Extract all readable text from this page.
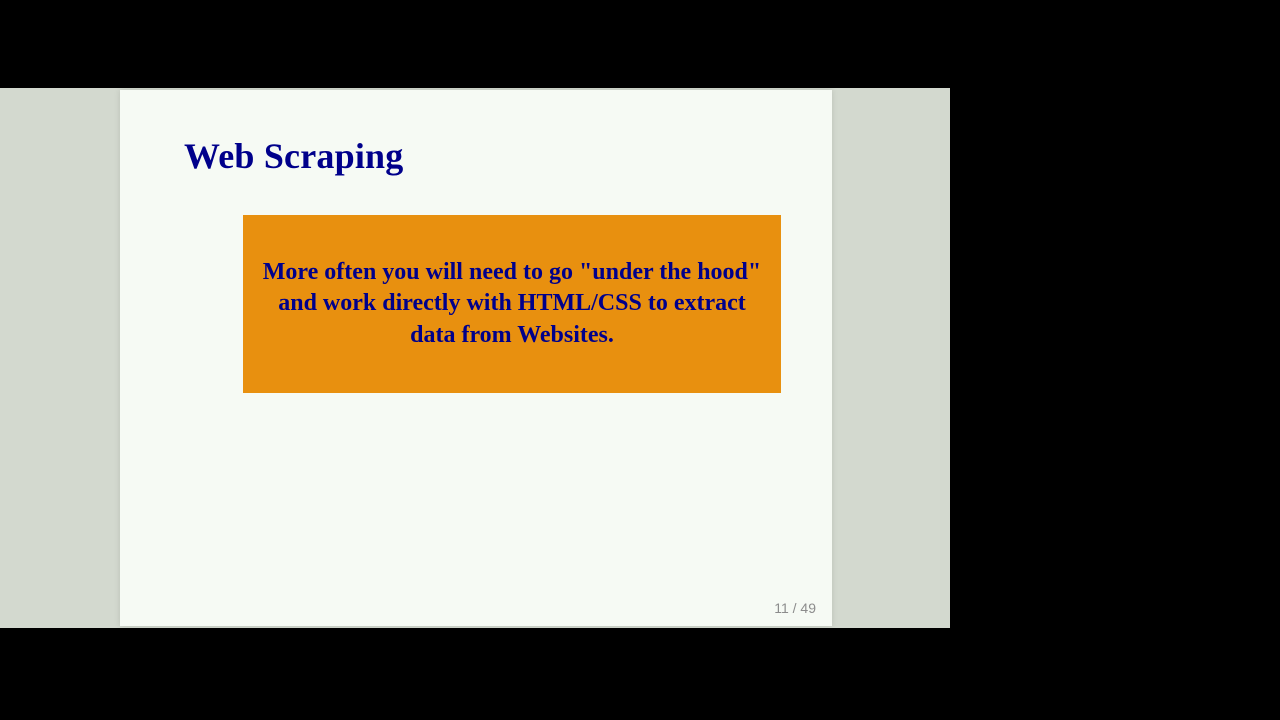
Web Scraping
More often you will need to go "under the hood" and work directly with HTML/CSS to extract data from Websites.
11 / 49
